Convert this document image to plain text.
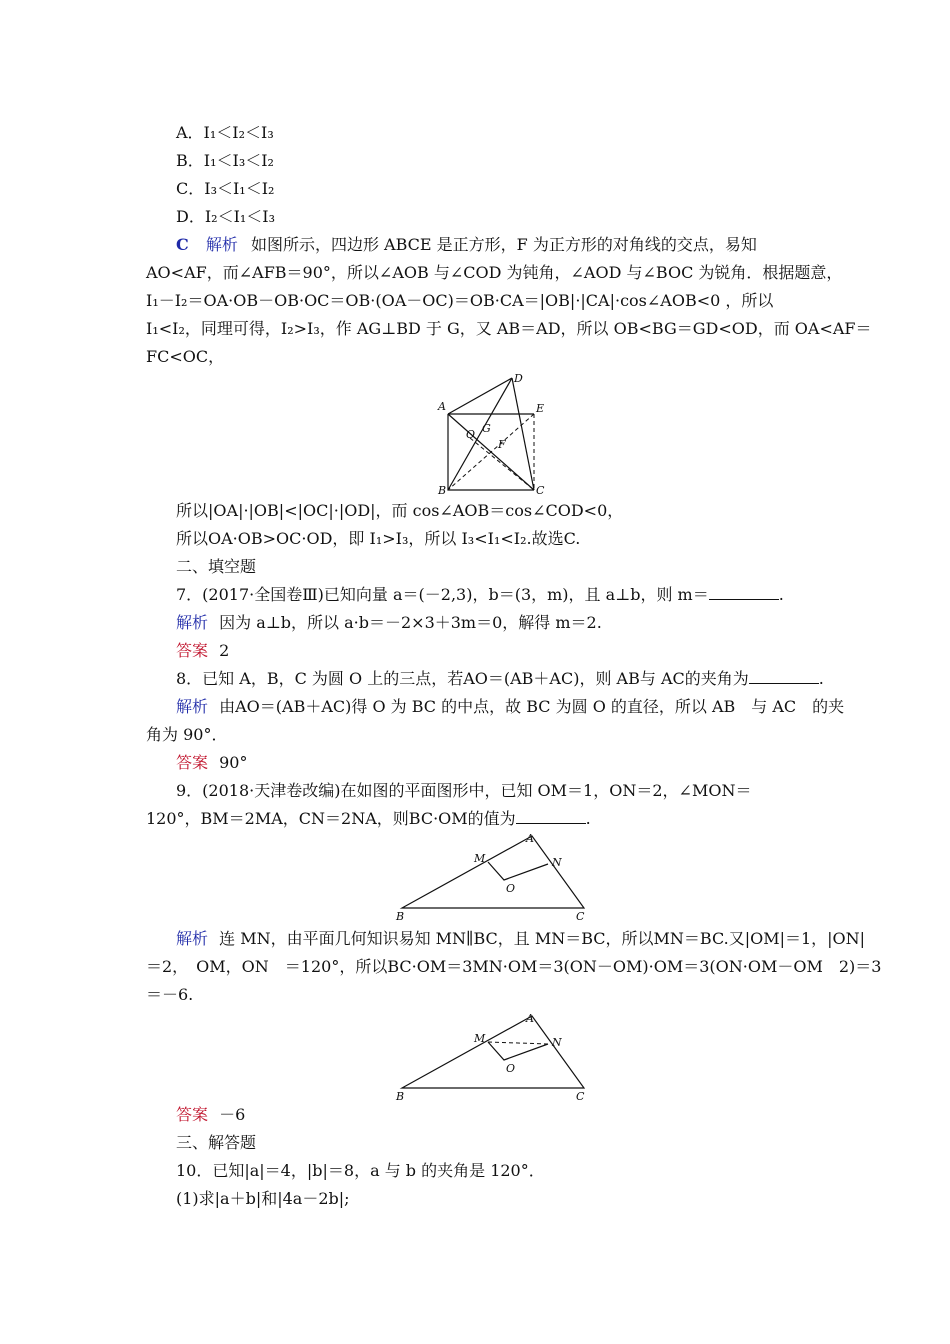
A．I₁＜I₂＜I₃
B．I₁＜I₃＜I₂
C．I₃＜I₁＜I₂
D．I₂＜I₁＜I₃
C 解析 如图所示，四边形 ABCE 是正方形，F 为正方形的对角线的交点，易知
AO<AF，而∠AFB＝90°，所以∠AOB 与∠COD 为钝角，∠AOD 与∠BOC 为锐角．根据题意，
I₁－I₂＝OA·OB－OB·OC＝OB·(OA－OC)＝OB·CA＝|OB|·|CA|·cos∠AOB<0 ，所以
I₁<I₂，同理可得，I₂>I₃，作 AG⊥BD 于 G，又 AB＝AD，所以 OB<BG＝GD<OD，而 OA<AF＝
FC<OC，
A
B	C
D
E
F
G
O
所以|OA|·|OB|<|OC|·|OD|，而 cos∠AOB＝cos∠COD<0，
所以OA·OB>OC·OD，即 I₁>I₃，所以 I₃<I₁<I₂.故选C.
二、填空题
7．(2017·全国卷Ⅲ)已知向量 a＝(－2,3)，b＝(3，m)，且 a⊥b，则 m＝	.
解析 因为 a⊥b，所以 a·b＝－2×3＋3m＝0，解得 m＝2.
答案 2
8．已知 A，B，C 为圆 O 上的三点，若AO＝(AB＋AC)，则 AB与 AC的夹角为	.
解析 由AO＝(AB＋AC)得 O 为 BC 的中点，故 BC 为圆 O 的直径，所以 AB　与 AC　的夹
角为 90°．
答案 90°
9．(2018·天津卷改编)在如图的平面图形中，已知 OM＝1，ON＝2，∠MON＝
120°，BM＝2MA，CN＝2NA，则BC·OM的值为	.
A
B	C
M	N
O
解析 连 MN，由平面几何知识易知 MN∥BC，且 MN＝BC，所以MN＝BC.又|OM|＝1，|ON|
＝2，　OM，ON　＝120°，所以BC·OM＝3MN·OM＝3(ON－OM)·OM＝3(ON·OM－OM　2)＝3
＝－6.
A
B	C
M	N
O
答案 －6
三、解答题
10．已知|a|＝4，|b|＝8，a 与 b 的夹角是 120°．
(1)求|a＋b|和|4a－2b|;
